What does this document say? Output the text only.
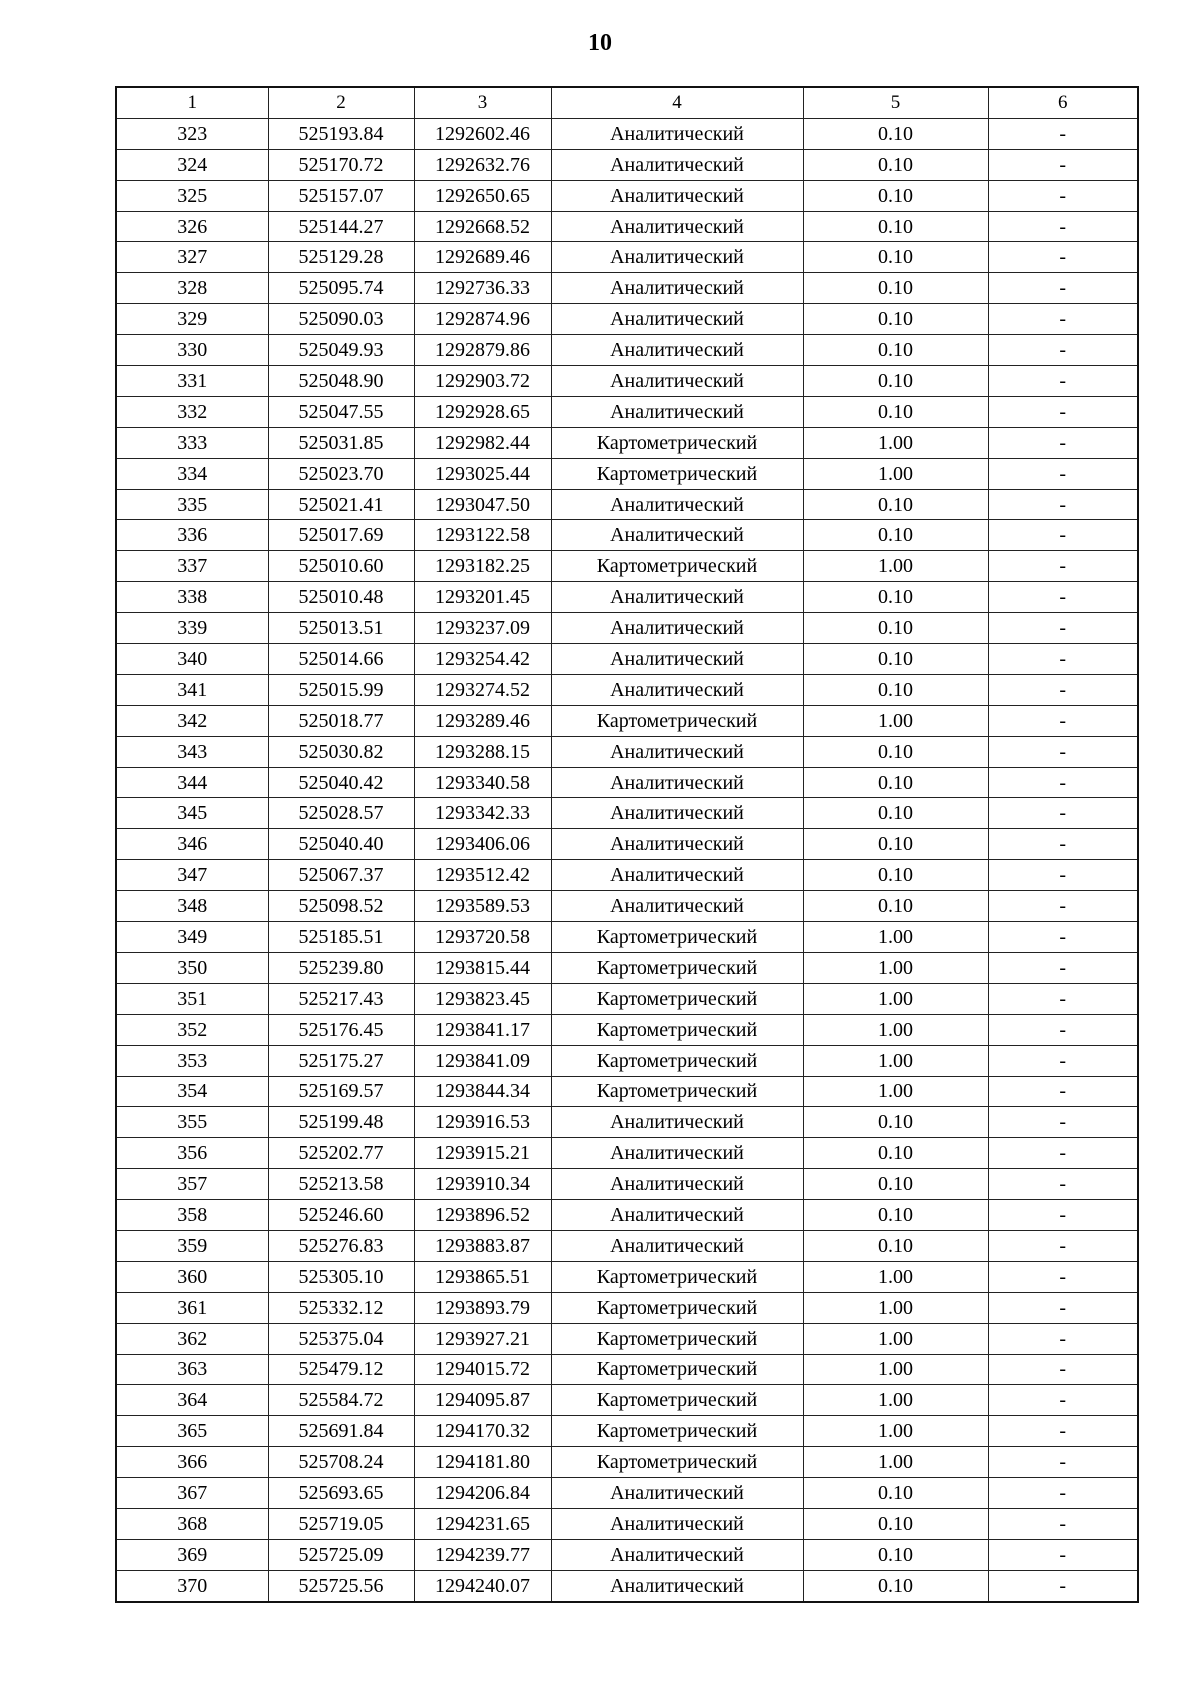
10
1	2	3	4	5	6
323	525193.84	1292602.46	Аналитический	0.10	-
324	525170.72	1292632.76	Аналитический	0.10	-
325	525157.07	1292650.65	Аналитический	0.10	-
326	525144.27	1292668.52	Аналитический	0.10	-
327	525129.28	1292689.46	Аналитический	0.10	-
328	525095.74	1292736.33	Аналитический	0.10	-
329	525090.03	1292874.96	Аналитический	0.10	-
330	525049.93	1292879.86	Аналитический	0.10	-
331	525048.90	1292903.72	Аналитический	0.10	-
332	525047.55	1292928.65	Аналитический	0.10	-
333	525031.85	1292982.44	Картометрический	1.00	-
334	525023.70	1293025.44	Картометрический	1.00	-
335	525021.41	1293047.50	Аналитический	0.10	-
336	525017.69	1293122.58	Аналитический	0.10	-
337	525010.60	1293182.25	Картометрический	1.00	-
338	525010.48	1293201.45	Аналитический	0.10	-
339	525013.51	1293237.09	Аналитический	0.10	-
340	525014.66	1293254.42	Аналитический	0.10	-
341	525015.99	1293274.52	Аналитический	0.10	-
342	525018.77	1293289.46	Картометрический	1.00	-
343	525030.82	1293288.15	Аналитический	0.10	-
344	525040.42	1293340.58	Аналитический	0.10	-
345	525028.57	1293342.33	Аналитический	0.10	-
346	525040.40	1293406.06	Аналитический	0.10	-
347	525067.37	1293512.42	Аналитический	0.10	-
348	525098.52	1293589.53	Аналитический	0.10	-
349	525185.51	1293720.58	Картометрический	1.00	-
350	525239.80	1293815.44	Картометрический	1.00	-
351	525217.43	1293823.45	Картометрический	1.00	-
352	525176.45	1293841.17	Картометрический	1.00	-
353	525175.27	1293841.09	Картометрический	1.00	-
354	525169.57	1293844.34	Картометрический	1.00	-
355	525199.48	1293916.53	Аналитический	0.10	-
356	525202.77	1293915.21	Аналитический	0.10	-
357	525213.58	1293910.34	Аналитический	0.10	-
358	525246.60	1293896.52	Аналитический	0.10	-
359	525276.83	1293883.87	Аналитический	0.10	-
360	525305.10	1293865.51	Картометрический	1.00	-
361	525332.12	1293893.79	Картометрический	1.00	-
362	525375.04	1293927.21	Картометрический	1.00	-
363	525479.12	1294015.72	Картометрический	1.00	-
364	525584.72	1294095.87	Картометрический	1.00	-
365	525691.84	1294170.32	Картометрический	1.00	-
366	525708.24	1294181.80	Картометрический	1.00	-
367	525693.65	1294206.84	Аналитический	0.10	-
368	525719.05	1294231.65	Аналитический	0.10	-
369	525725.09	1294239.77	Аналитический	0.10	-
370	525725.56	1294240.07	Аналитический	0.10	-
